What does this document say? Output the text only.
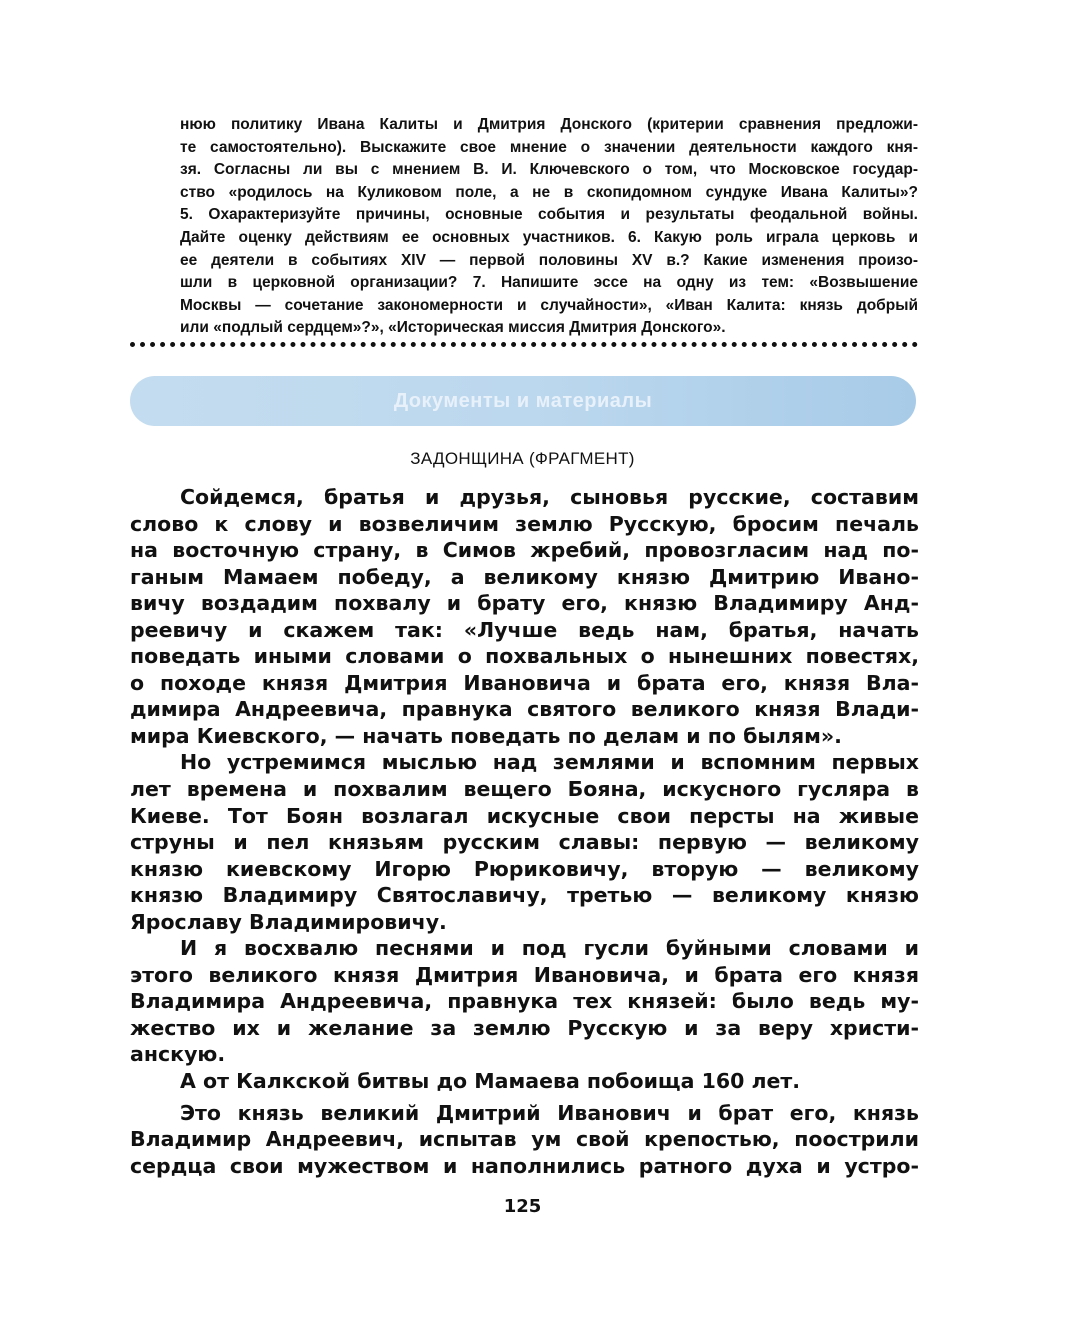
нюю политику Ивана Калиты и Дмитрия Донского (критерии сравнения предложи-

те самостоятельно). Выскажите свое мнение о значении деятельности каждого кня-

зя. Согласны ли вы с мнением В. И. Ключевского о том, что Московское государ-

ство «родилось на Куликовом поле, а не в скопидомном сундуке Ивана Калиты»?

5. Охарактеризуйте причины, основные события и результаты феодальной войны.

Дайте оценку действиям ее основных участников. 6. Какую роль играла церковь и

ее деятели в событиях XIV — первой половины XV в.? Какие изменения произо-

шли в церковной организации? 7. Напишите эссе на одну из тем: «Возвышение

Москвы — сочетание закономерности и случайности», «Иван Калита: князь добрый

или «подлый сердцем»?», «Историческая миссия Дмитрия Донского».

Документы и материалы
ЗАДОНЩИНА (ФРАГМЕНТ)

Сойдемся, братья и друзья, сыновья русские, составим

слово к слову и возвеличим землю Русскую, бросим печаль

на восточную страну, в Симов жребий, провозгласим над по-

ганым Мамаем победу, а великому князю Дмитрию Ивано-

вичу воздадим похвалу и брату его, князю Владимиру Анд-

реевичу и скажем так: «Лучше ведь нам, братья, начать

поведать иными словами о похвальных о нынешних повестях,

о походе князя Дмитрия Ивановича и брата его, князя Вла-

димира Андреевича, правнука святого великого князя Влади-

мира Киевского, — начать поведать по делам и по былям».

Но устремимся мыслью над землями и вспомним первых

лет времена и похвалим вещего Бояна, искусного гусляра в

Киеве. Тот Боян возлагал искусные свои персты на живые

струны и пел князьям русским славы: первую — великому

князю киевскому Игорю Рюриковичу, вторую — великому

князю Владимиру Святославичу, третью — великому князю

Ярославу Владимировичу.

И я восхвалю песнями и под гусли буйными словами и

этого великого князя Дмитрия Ивановича, и брата его князя

Владимира Андреевича, правнука тех князей: было ведь му-

жество их и желание за землю Русскую и за веру христи-

анскую.

А от Калкской битвы до Мамаева побоища 160 лет.

Это князь великий Дмитрий Иванович и брат его, князь

Владимир Андреевич, испытав ум свой крепостью, поострили

сердца свои мужеством и наполнились ратного духа и устро-

125
